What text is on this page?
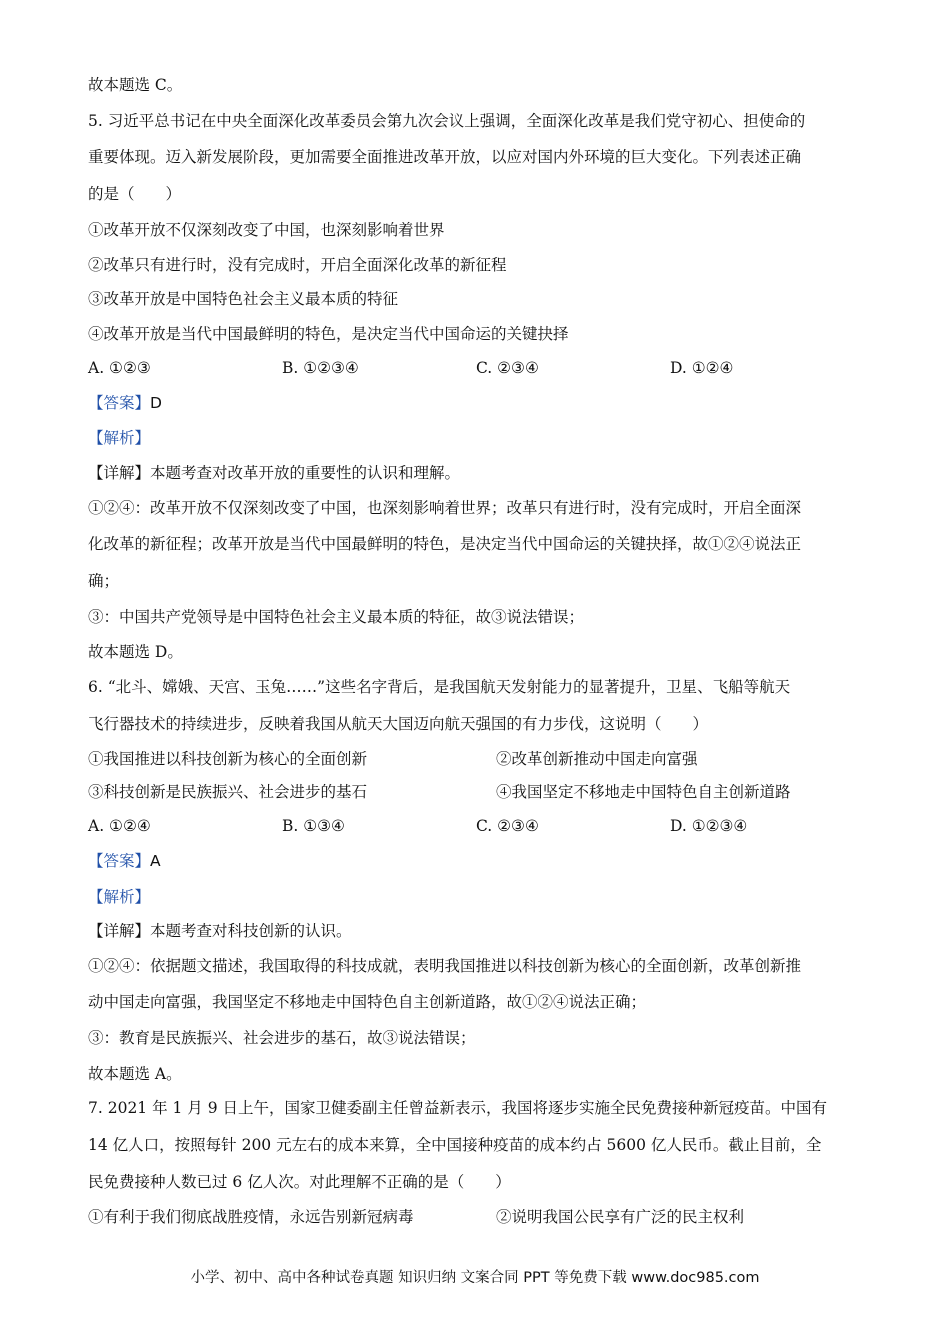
故本题选 C。
5. 习近平总书记在中央全面深化改革委员会第九次会议上强调，全面深化改革是我们党守初心、担使命的
重要体现。迈入新发展阶段，更加需要全面推进改革开放，以应对国内外环境的巨大变化。下列表述正确
的是（　　）
①改革开放不仅深刻改变了中国，也深刻影响着世界
②改革只有进行时，没有完成时，开启全面深化改革的新征程
③改革开放是中国特色社会主义最本质的特征
④改革开放是当代中国最鲜明的特色，是决定当代中国命运的关键抉择
A. ①②③	B. ①②③④	C. ②③④	D. ①②④
【答案】D
【解析】
【详解】本题考查对改革开放的重要性的认识和理解。
①②④：改革开放不仅深刻改变了中国，也深刻影响着世界；改革只有进行时，没有完成时，开启全面深
化改革的新征程；改革开放是当代中国最鲜明的特色，是决定当代中国命运的关键抉择，故①②④说法正
确；
③：中国共产党领导是中国特色社会主义最本质的特征，故③说法错误；
故本题选 D。
6. “北斗、嫦娥、天宫、玉兔……”这些名字背后，是我国航天发射能力的显著提升，卫星、飞船等航天
飞行器技术的持续进步，反映着我国从航天大国迈向航天强国的有力步伐，这说明（　　）
①我国推进以科技创新为核心的全面创新	②改革创新推动中国走向富强
③科技创新是民族振兴、社会进步的基石	④我国坚定不移地走中国特色自主创新道路
A. ①②④	B. ①③④	C. ②③④	D. ①②③④
【答案】A
【解析】
【详解】本题考查对科技创新的认识。
①②④：依据题文描述，我国取得的科技成就，表明我国推进以科技创新为核心的全面创新，改革创新推
动中国走向富强，我国坚定不移地走中国特色自主创新道路，故①②④说法正确；
③：教育是民族振兴、社会进步的基石，故③说法错误；
故本题选 A。
7. 2021 年 1 月 9 日上午，国家卫健委副主任曾益新表示，我国将逐步实施全民免费接种新冠疫苗。中国有
14 亿人口，按照每针 200 元左右的成本来算，全中国接种疫苗的成本约占 5600 亿人民币。截止目前，全
民免费接种人数已过 6 亿人次。对此理解不正确的是（　　）
①有利于我们彻底战胜疫情，永远告别新冠病毒	②说明我国公民享有广泛的民主权利
小学、初中、高中各种试卷真题 知识归纳 文案合同 PPT 等免费下载 www.doc985.com
